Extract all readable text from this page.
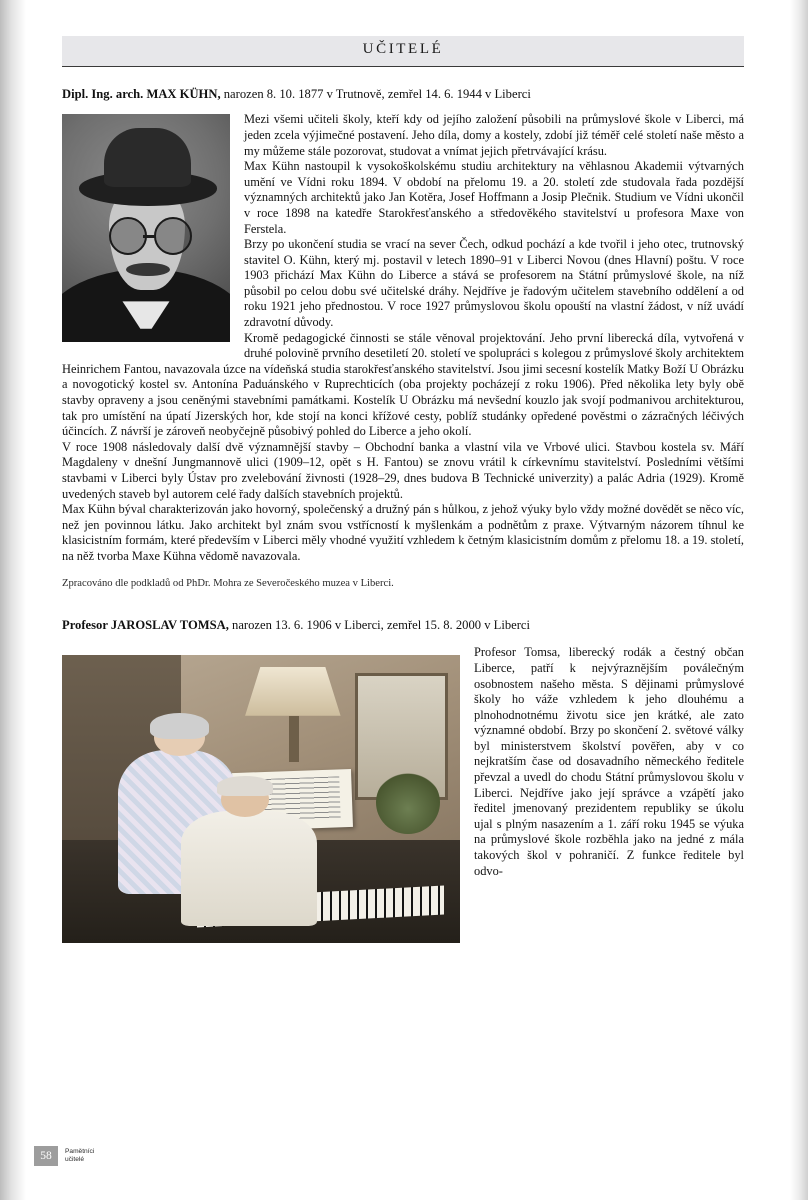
UČITELÉ
Dipl. Ing. arch. MAX KÜHN, narozen 8. 10. 1877 v Trutnově, zemřel 14. 6. 1944 v Liberci

Mezi všemi učiteli školy, kteří kdy od jejího založení působili na průmyslové škole v Liberci, má jeden zcela výjimečné postavení. Jeho díla, domy a kostely, zdobí již téměř celé století naše město a my můžeme stále pozorovat, studovat a vnímat jejich přetrvávající krásu.

Max Kühn nastoupil k vysokoškolskému studiu architektury na věhlasnou Akademii výtvarných umění ve Vídni roku 1894. V období na přelomu 19. a 20. století zde studovala řada pozdější významných architektů jako Jan Kotěra, Josef Hoffmann a Josip Plečnik. Studium ve Vídni ukončil v roce 1898 na katedře Starokřesťanského a středověkého stavitelství u profesora Maxe von Ferstela.

Brzy po ukončení studia se vrací na sever Čech, odkud pochází a kde tvořil i jeho otec, trutnovský stavitel O. Kühn, který mj. postavil v letech 1890–91 v Liberci Novou (dnes Hlavní) poštu. V roce 1903 přichází Max Kühn do Liberce a stává se profesorem na Státní průmyslové škole, na níž působil po celou dobu své učitelské dráhy. Nejdříve je řadovým učitelem stavebního oddělení a od roku 1921 jeho přednostou. V roce 1927 průmyslovou školu opouští na vlastní žádost, v níž uvádí zdravotní důvody.

Kromě pedagogické činnosti se stále věnoval projektování. Jeho první liberecká díla, vytvořená v druhé polovině prvního desetiletí 20. století ve spolupráci s kolegou z průmyslové školy architektem Heinrichem Fantou, navazovala úzce na vídeňská studia starokřesťanského stavitelství. Jsou jimi secesní kostelík Matky Boží U Obrázku a novogotický kostel sv. Antonína Paduánského v Ruprechticích (oba projekty pocházejí z roku 1906). Před několika lety byly obě stavby opraveny a jsou ceněnými stavebními památkami. Kostelík U Obrázku má nevšední kouzlo jak svojí podmanivou architekturou, tak pro umístění na úpatí Jizerských hor, kde stojí na konci křížové cesty, poblíž studánky opředené pověstmi o zázračných léčivých účincích. Z návrší je zároveň neobyčejně působivý pohled do Liberce a jeho okolí.

V roce 1908 následovaly další dvě významnější stavby – Obchodní banka a vlastní vila ve Vrbové ulici. Stavbou kostela sv. Máří Magdaleny v dnešní Jungmannově ulici (1909–12, opět s H. Fantou) se znovu vrátil k církevnímu stavitelství. Posledními většími stavbami v Liberci byly Ústav pro zvelebování živnosti (1928–29, dnes budova B Technické univerzity) a palác Adria (1929). Kromě uvedených staveb byl autorem celé řady dalších stavebních projektů.

Max Kühn býval charakterizován jako hovorný, společenský a družný pán s hůlkou, z jehož výuky bylo vždy možné dovědět se něco víc, než jen povinnou látku. Jako architekt byl znám svou vstřícností k myšlenkám a podnětům z praxe. Výtvarným názorem tíhnul ke klasicistním formám, které především v Liberci měly vhodné využití vzhledem k četným klasicistním domům z přelomu 18. a 19. století, na něž tvorba Maxe Kühna vědomě navazovala.

Zpracováno dle podkladů od PhDr. Mohra ze Severočeského muzea v Liberci.
Profesor JAROSLAV TOMSA, narozen 13. 6. 1906 v Liberci, zemřel 15. 8. 2000 v Liberci

Profesor Tomsa, liberecký rodák a čestný občan Liberce, patří k nejvýraznějším poválečným osobnostem našeho města. S dějinami průmyslové školy ho váže vzhledem k jeho dlouhému a plnohodnotnému životu sice jen krátké, ale zato významné období. Brzy po skončení 2. světové války byl ministerstvem školství pověřen, aby v co nejkratším čase od dosavadního německého ředitele převzal a uvedl do chodu Státní průmyslovou školu v Liberci. Nejdříve jako její správce a vzápětí jako ředitel jmenovaný prezidentem republiky se úkolu ujal s plným nasazením a 1. září roku 1945 se výuka na průmyslové škole rozběhla jako na jedné z mála takových škol v pohraničí. Z funkce ředitele byl odvo-

58	Pamětníci
učitelé
